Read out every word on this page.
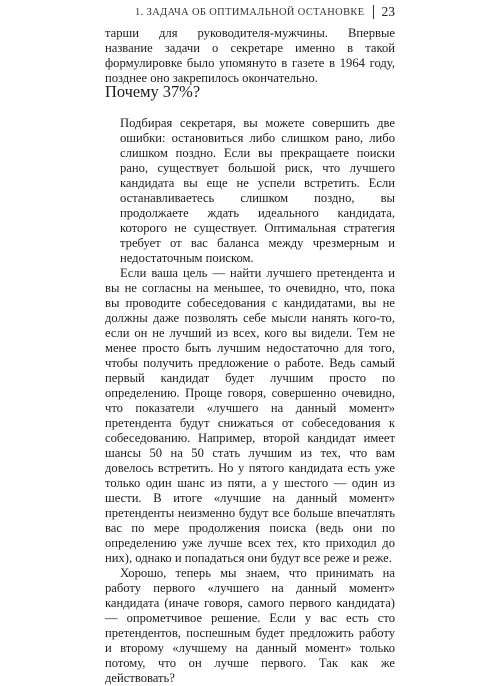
1. ЗАДАЧА ОБ ОПТИМАЛЬНОЙ ОСТАНОВКЕ 23

тарши для руководителя-мужчины. Впервые название задачи о секретаре именно в такой формулировке было упомянуто в газете в 1964 году, позднее оно закрепилось окончательно.

Почему 37%?

Подбирая секретаря, вы можете совершить две ошибки: остановиться либо слишком рано, либо слишком поздно. Если вы прекращаете поиски рано, существует большой риск, что лучшего кандидата вы еще не успели встретить. Если останавливаетесь слишком поздно, вы продолжаете ждать идеального кандидата, которого не существует. Оптимальная стратегия требует от вас баланса между чрезмерным и недостаточным поиском.

Если ваша цель — найти лучшего претендента и вы не согласны на меньшее, то очевидно, что, пока вы проводите собеседования с кандидатами, вы не должны даже позволять себе мысли нанять кого-то, если он не лучший из всех, кого вы видели. Тем не менее просто быть лучшим недостаточно для того, чтобы получить предложение о работе. Ведь самый первый кандидат будет лучшим просто по определению. Проще говоря, совершенно очевидно, что показатели «лучшего на данный момент» претендента будут снижаться от собеседования к собеседованию. Например, второй кандидат имеет шансы 50 на 50 стать лучшим из тех, что вам довелось встретить. Но у пятого кандидата есть уже только один шанс из пяти, а у шестого — один из шести. В итоге «лучшие на данный момент» претенденты неизменно будут все больше впечатлять вас по мере продолжения поиска (ведь они по определению уже лучше всех тех, кто приходил до них), однако и попадаться они будут все реже и реже.

Хорошо, теперь мы знаем, что принимать на работу первого «лучшего на данный момент» кандидата (иначе говоря, самого первого кандидата) — опрометчивое решение. Если у вас есть сто претендентов, поспешным будет предложить работу и второму «лучшему на данный момент» только потому, что он лучше первого. Так как же действовать?
